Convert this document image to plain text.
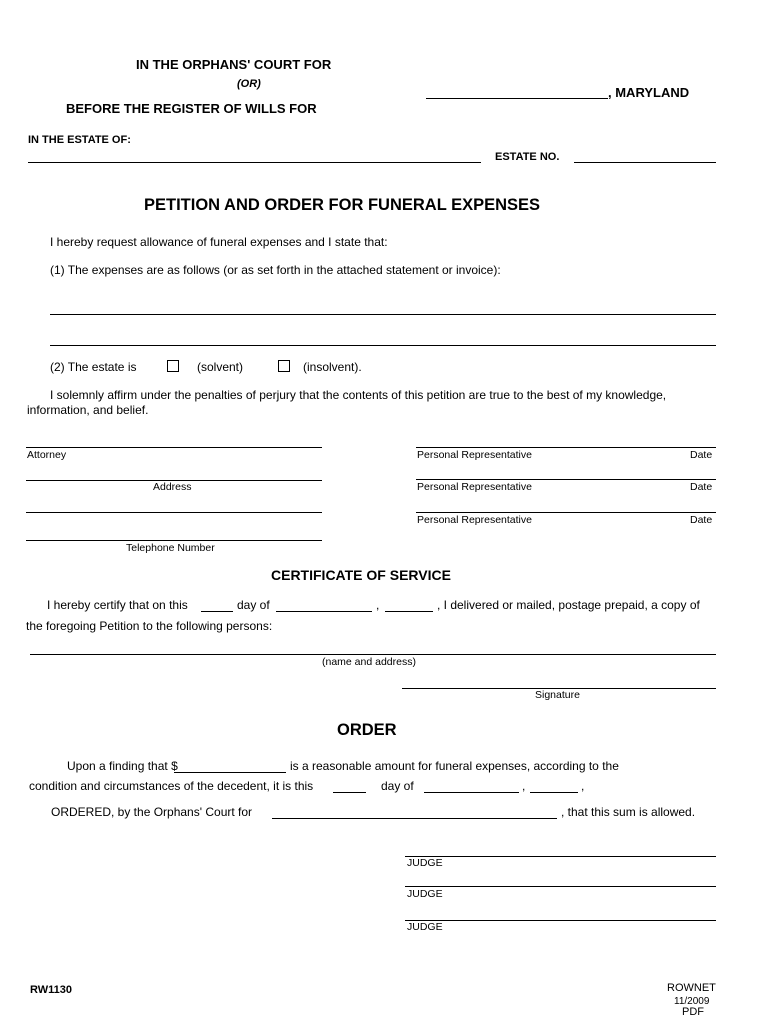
IN THE ORPHANS' COURT FOR
(OR)
BEFORE THE REGISTER OF WILLS FOR
, MARYLAND
IN THE ESTATE OF:
ESTATE NO.
PETITION AND ORDER FOR FUNERAL EXPENSES
I hereby request allowance of funeral expenses and I state that:
(1) The expenses are as follows (or as set forth in the attached statement or invoice):
(2) The estate is	(solvent)	(insolvent).
I solemnly affirm under the penalties of perjury that the contents of this petition are true to the best of my knowledge,
information, and belief.
Attorney
Address
Telephone Number
Personal Representative	Date
Personal Representative	Date
Personal Representative	Date
CERTIFICATE OF SERVICE
I hereby certify that on this	day of	,	, I delivered or mailed, postage prepaid, a copy of
the foregoing Petition to the following persons:
(name and address)
Signature
ORDER
Upon a finding that $	is a reasonable amount for funeral expenses, according to the
condition and circumstances of the decedent, it is this	day of	,	,
ORDERED, by the Orphans' Court for	, that this sum is allowed.
JUDGE
JUDGE
JUDGE
RW1130	ROWNET
11/2009
PDF
